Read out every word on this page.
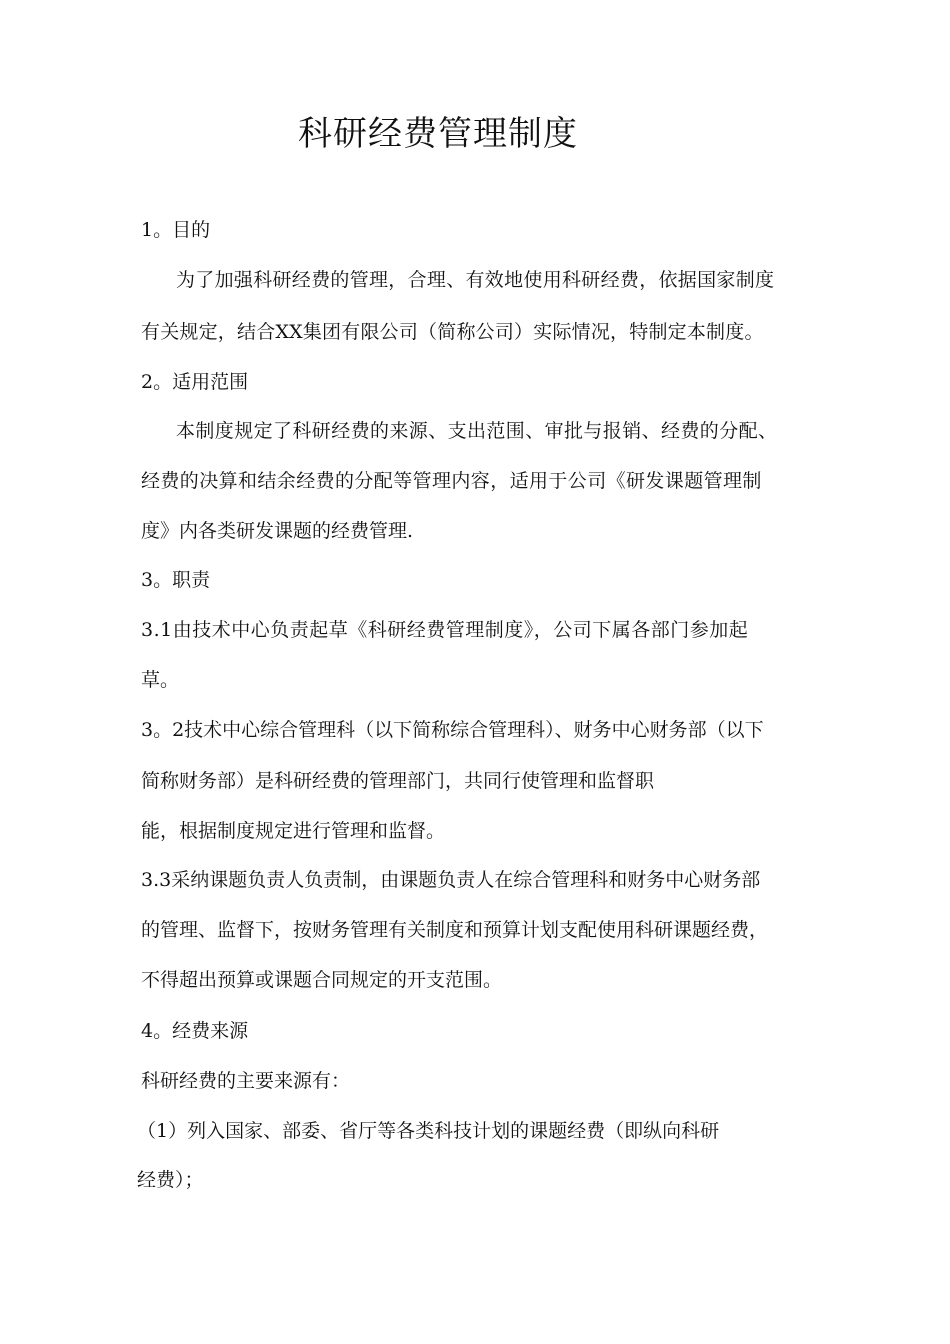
科研经费管理制度
1。目的
为了加强科研经费的管理，合理、有效地使用科研经费，依据国家制度
有关规定，结合XX集团有限公司（简称公司）实际情况，特制定本制度。
2。适用范围
本制度规定了科研经费的来源、支出范围、审批与报销、经费的分配、
经费的决算和结余经费的分配等管理内容，适用于公司《研发课题管理制
度》内各类研发课题的经费管理.
3。职责
3.1由技术中心负责起草《科研经费管理制度》，公司下属各部门参加起
草。
3。2技术中心综合管理科（以下简称综合管理科）、财务中心财务部（以下
简称财务部）是科研经费的管理部门，共同行使管理和监督职
能，根据制度规定进行管理和监督。
3.3采纳课题负责人负责制，由课题负责人在综合管理科和财务中心财务部
的管理、监督下，按财务管理有关制度和预算计划支配使用科研课题经费，
不得超出预算或课题合同规定的开支范围。
4。经费来源
科研经费的主要来源有：
（1）列入国家、部委、省厅等各类科技计划的课题经费（即纵向科研
经费）；
